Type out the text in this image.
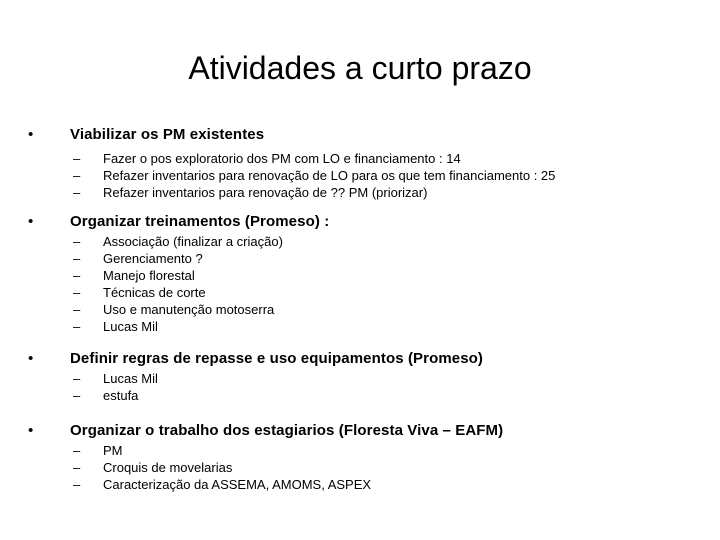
Atividades a curto prazo
• Viabilizar os PM existentes
– Fazer o pos exploratorio dos PM com LO e financiamento : 14
– Refazer inventarios para renovação de LO para os que tem financiamento : 25
– Refazer inventarios para renovação de ?? PM (priorizar)
• Organizar treinamentos (Promeso) :
– Associação (finalizar a criação)
– Gerenciamento ?
– Manejo florestal
– Técnicas de corte
– Uso e manutenção motoserra
– Lucas Mil
• Definir regras de repasse e uso equipamentos (Promeso)
– Lucas Mil
– estufa
• Organizar o trabalho dos estagiarios (Floresta Viva – EAFM)
– PM
– Croquis de movelarias
– Caracterização da ASSEMA, AMOMS, ASPEX
